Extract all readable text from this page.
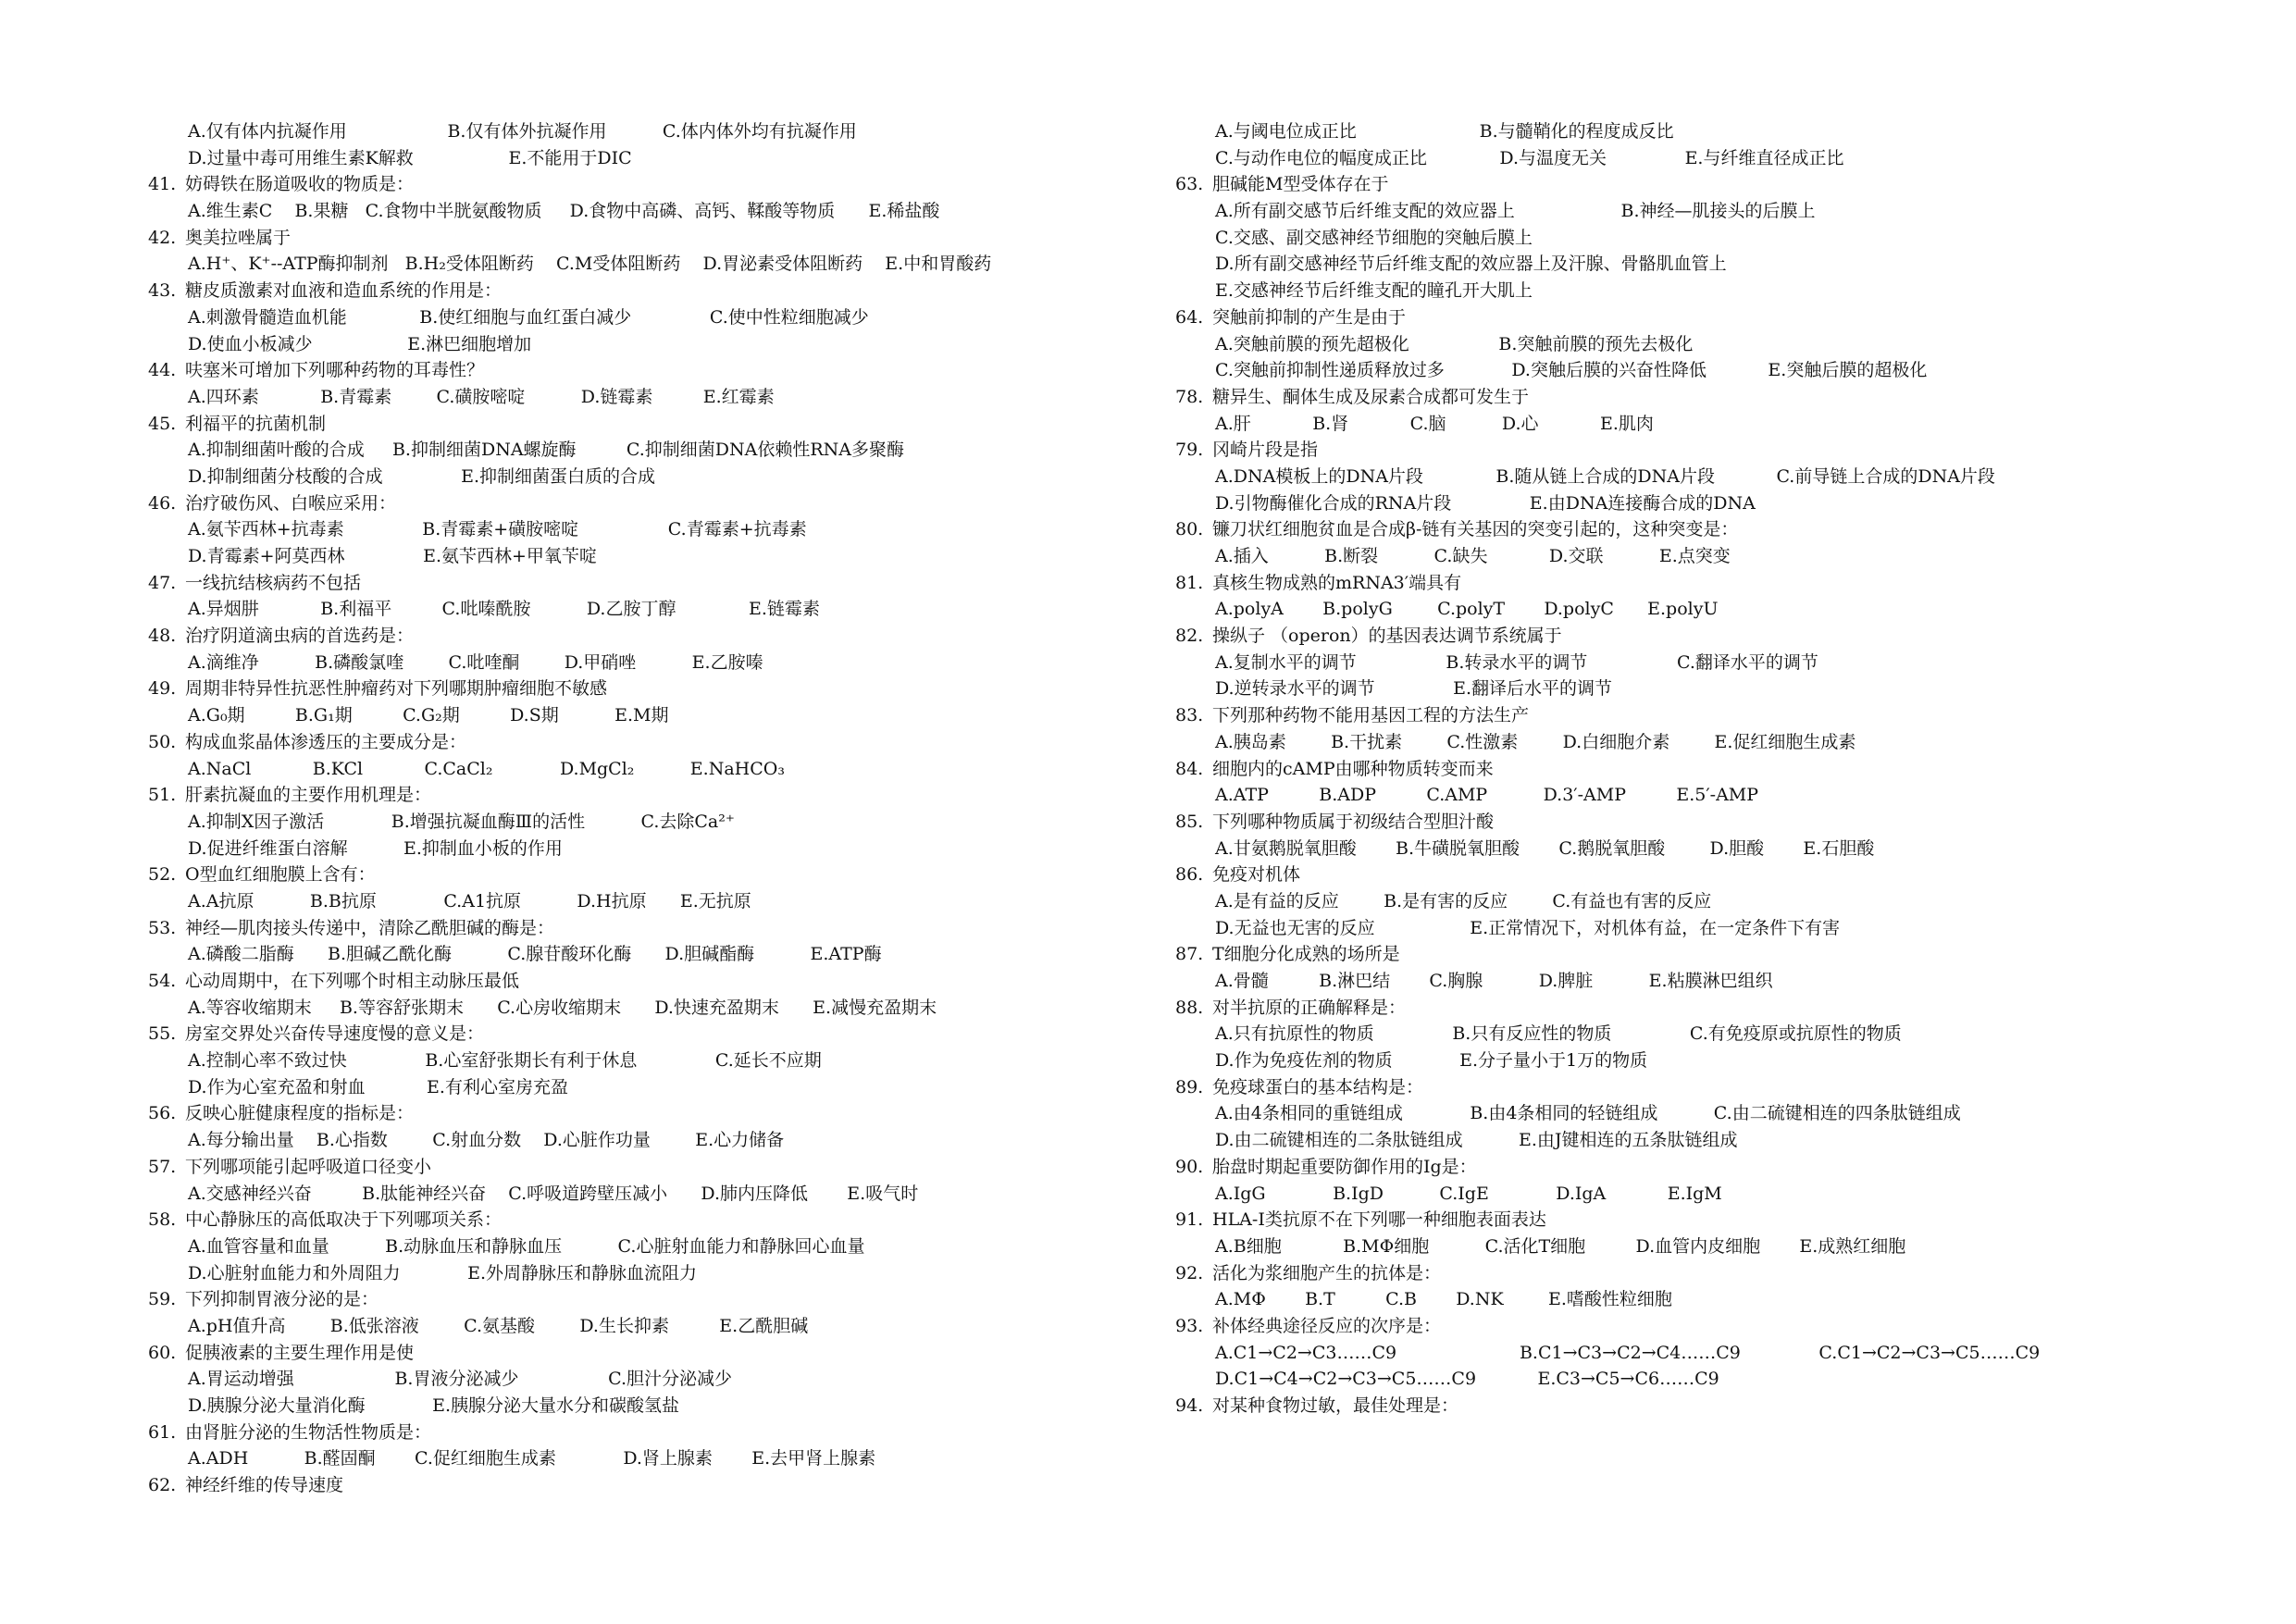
A.仅有体内抗凝作用                  B.仅有体外抗凝作用          C.体内体外均有抗凝作用
D.过量中毒可用维生素K解救                 E.不能用于DIC
41. 妨碍铁在肠道吸收的物质是：
A.维生素C    B.果糖   C.食物中半胱氨酸物质     D.食物中高磷、高钙、鞣酸等物质      E.稀盐酸
42. 奥美拉唑属于
A.H⁺、K⁺--ATP酶抑制剂   B.H₂受体阻断药    C.M受体阻断药    D.胃泌素受体阻断药    E.中和胃酸药
43. 糖皮质激素对血液和造血系统的作用是：
A.刺激骨髓造血机能             B.使红细胞与血红蛋白减少              C.使中性粒细胞减少
D.使血小板减少                 E.淋巴细胞增加
44. 呋塞米可增加下列哪种药物的耳毒性？
A.四环素           B.青霉素        C.磺胺嘧啶          D.链霉素         E.红霉素
45. 利福平的抗菌机制
A.抑制细菌叶酸的合成     B.抑制细菌DNA螺旋酶         C.抑制细菌DNA依赖性RNA多聚酶
D.抑制细菌分枝酸的合成              E.抑制细菌蛋白质的合成
46. 治疗破伤风、白喉应采用：
A.氨苄西林+抗毒素              B.青霉素+磺胺嘧啶                C.青霉素+抗毒素
D.青霉素+阿莫西林              E.氨苄西林+甲氧苄啶
47. 一线抗结核病药不包括
A.异烟肼           B.利福平         C.吡嗪酰胺          D.乙胺丁醇             E.链霉素
48. 治疗阴道滴虫病的首选药是：
A.滴维净          B.磷酸氯喹        C.吡喹酮        D.甲硝唑          E.乙胺嗪
49. 周期非特异性抗恶性肿瘤药对下列哪期肿瘤细胞不敏感
A.G₀期         B.G₁期         C.G₂期         D.S期          E.M期
50. 构成血浆晶体渗透压的主要成分是：
A.NaCl           B.KCl           C.CaCl₂            D.MgCl₂          E.NaHCO₃
51. 肝素抗凝血的主要作用机理是：
A.抑制X因子激活            B.增强抗凝血酶Ⅲ的活性          C.去除Ca²⁺
D.促进纤维蛋白溶解          E.抑制血小板的作用
52. O型血红细胞膜上含有：
A.A抗原          B.B抗原            C.A1抗原          D.H抗原      E.无抗原
53. 神经—肌肉接头传递中，清除乙酰胆碱的酶是：
A.磷酸二脂酶      B.胆碱乙酰化酶          C.腺苷酸环化酶      D.胆碱酯酶          E.ATP酶
54. 心动周期中，在下列哪个时相主动脉压最低
A.等容收缩期末     B.等容舒张期末      C.心房收缩期末      D.快速充盈期末      E.减慢充盈期末
55. 房室交界处兴奋传导速度慢的意义是：
A.控制心率不致过快              B.心室舒张期长有利于休息              C.延长不应期
D.作为心室充盈和射血           E.有利心室房充盈
56. 反映心脏健康程度的指标是：
A.每分输出量    B.心指数        C.射血分数    D.心脏作功量        E.心力储备
57. 下列哪项能引起呼吸道口径变小
A.交感神经兴奋         B.肽能神经兴奋    C.呼吸道跨壁压减小      D.肺内压降低       E.吸气时
58. 中心静脉压的高低取决于下列哪项关系：
A.血管容量和血量          B.动脉血压和静脉血压          C.心脏射血能力和静脉回心血量
D.心脏射血能力和外周阻力            E.外周静脉压和静脉血流阻力
59. 下列抑制胃液分泌的是：
A.pH值升高        B.低张溶液        C.氨基酸        D.生长抑素         E.乙酰胆碱
60. 促胰液素的主要生理作用是使
A.胃运动增强                  B.胃液分泌减少                C.胆汁分泌减少
D.胰腺分泌大量消化酶            E.胰腺分泌大量水分和碳酸氢盐
61. 由肾脏分泌的生物活性物质是：
A.ADH          B.醛固酮       C.促红细胞生成素            D.肾上腺素       E.去甲肾上腺素
62. 神经纤维的传导速度
A.与阈电位成正比                      B.与髓鞘化的程度成反比
C.与动作电位的幅度成正比             D.与温度无关              E.与纤维直径成正比
63. 胆碱能M型受体存在于
A.所有副交感节后纤维支配的效应器上                   B.神经—肌接头的后膜上
C.交感、副交感神经节细胞的突触后膜上
D.所有副交感神经节后纤维支配的效应器上及汗腺、骨骼肌血管上
E.交感神经节后纤维支配的瞳孔开大肌上
64. 突触前抑制的产生是由于
A.突触前膜的预先超极化                B.突触前膜的预先去极化
C.突触前抑制性递质释放过多            D.突触后膜的兴奋性降低           E.突触后膜的超极化
78. 糖异生、酮体生成及尿素合成都可发生于
A.肝           B.肾           C.脑          D.心           E.肌肉
79. 冈崎片段是指
A.DNA模板上的DNA片段             B.随从链上合成的DNA片段           C.前导链上合成的DNA片段
D.引物酶催化合成的RNA片段              E.由DNA连接酶合成的DNA
80. 镰刀状红细胞贫血是合成β-链有关基因的突变引起的，这种突变是：
A.插入          B.断裂          C.缺失           D.交联          E.点突变
81. 真核生物成熟的mRNA3′端具有
A.polyA       B.polyG        C.polyT       D.polyC      E.polyU
82. 操纵子 （operon）的基因表达调节系统属于
A.复制水平的调节                B.转录水平的调节                C.翻译水平的调节
D.逆转录水平的调节              E.翻译后水平的调节
83. 下列那种药物不能用基因工程的方法生产
A.胰岛素        B.干扰素        C.性激素        D.白细胞介素        E.促红细胞生成素
84. 细胞内的cAMP由哪种物质转变而来
A.ATP         B.ADP         C.AMP          D.3′-AMP         E.5′-AMP
85. 下列哪种物质属于初级结合型胆汁酸
A.甘氨鹅脱氧胆酸       B.牛磺脱氧胆酸       C.鹅脱氧胆酸        D.胆酸       E.石胆酸
86. 免疫对机体
A.是有益的反应        B.是有害的反应        C.有益也有害的反应
D.无益也无害的反应                 E.正常情况下，对机体有益，在一定条件下有害
87. T细胞分化成熟的场所是
A.骨髓         B.淋巴结       C.胸腺          D.脾脏          E.粘膜淋巴组织
88. 对半抗原的正确解释是：
A.只有抗原性的物质              B.只有反应性的物质              C.有免疫原或抗原性的物质
D.作为免疫佐剂的物质            E.分子量小于1万的物质
89. 免疫球蛋白的基本结构是：
A.由4条相同的重链组成            B.由4条相同的轻链组成          C.由二硫键相连的四条肽链组成
D.由二硫键相连的二条肽链组成          E.由J键相连的五条肽链组成
90. 胎盘时期起重要防御作用的Ig是：
A.IgG            B.IgD          C.IgE            D.IgA           E.IgM
91. HLA-I类抗原不在下列哪一种细胞表面表达
A.B细胞           B.MΦ细胞          C.活化T细胞         D.血管内皮细胞       E.成熟红细胞
92. 活化为浆细胞产生的抗体是：
A.MΦ       B.T         C.B       D.NK        E.嗜酸性粒细胞
93. 补体经典途径反应的次序是：
A.C1→C2→C3……C9                      B.C1→C3→C2→C4……C9              C.C1→C2→C3→C5……C9
D.C1→C4→C2→C3→C5……C9           E.C3→C5→C6……C9
94. 对某种食物过敏，最佳处理是：
